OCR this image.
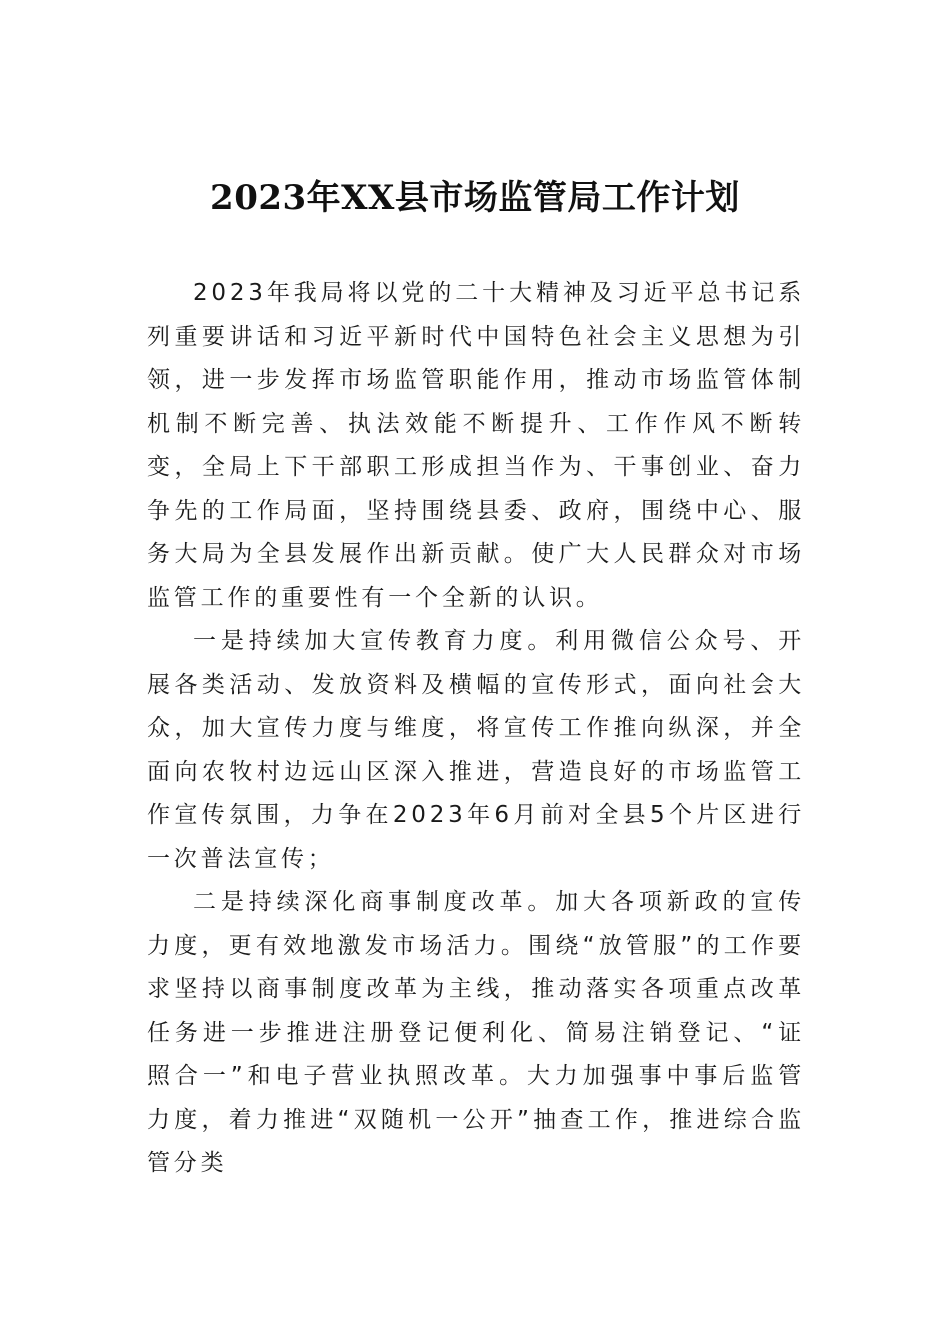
2023年XX县市场监管局工作计划

2023年我局将以党的二十大精神及习近平总书记系列重要讲话和习近平新时代中国特色社会主义思想为引领，进一步发挥市场监管职能作用，推动市场监管体制机制不断完善、执法效能不断提升、工作作风不断转变，全局上下干部职工形成担当作为、干事创业、奋力争先的工作局面，坚持围绕县委、政府，围绕中心、服务大局为全县发展作出新贡献。使广大人民群众对市场监管工作的重要性有一个全新的认识。

一是持续加大宣传教育力度。利用微信公众号、开展各类活动、发放资料及横幅的宣传形式，面向社会大众，加大宣传力度与维度，将宣传工作推向纵深，并全面向农牧村边远山区深入推进，营造良好的市场监管工作宣传氛围，力争在2023年6月前对全县5个片区进行一次普法宣传；

二是持续深化商事制度改革。加大各项新政的宣传力度，更有效地激发市场活力。围绕“放管服”的工作要求坚持以商事制度改革为主线，推动落实各项重点改革任务进一步推进注册登记便利化、简易注销登记、“证照合一”和电子营业执照改革。大力加强事中事后监管力度，着力推进“双随机一公开”抽查工作，推进综合监管分类
